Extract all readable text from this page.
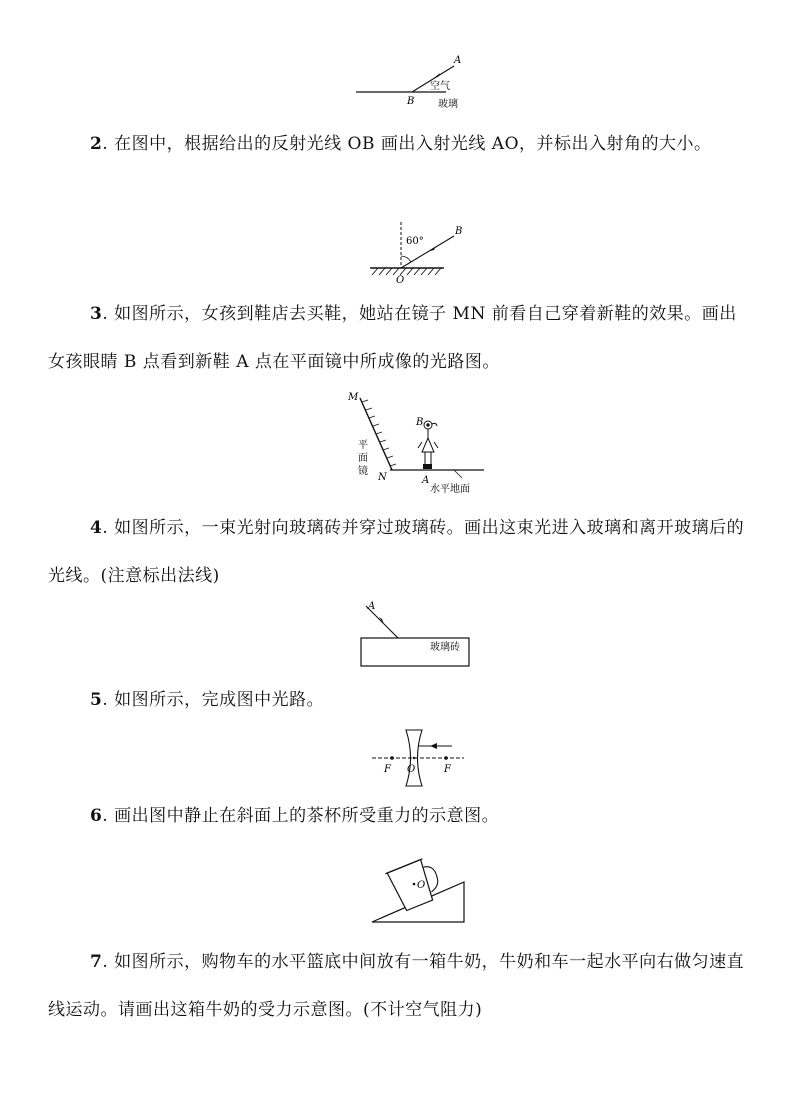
A
B
空气
玻璃

2. 在图中，根据给出的反射光线 OB 画出入射光线 AO，并标出入射角的大小。

60°
B
O

3. 如图所示，女孩到鞋店去买鞋，她站在镜子 MN 前看自己穿着新鞋的效果。画出女孩眼睛 B 点看到新鞋 A 点在平面镜中所成像的光路图。

M
N
B
A
平
面
镜
水平地面

4. 如图所示，一束光射向玻璃砖并穿过玻璃砖。画出这束光进入玻璃和离开玻璃后的光线。(注意标出法线)

A
玻璃砖

5. 如图所示，完成图中光路。

F O	F

6. 画出图中静止在斜面上的茶杯所受重力的示意图。

O

7. 如图所示，购物车的水平篮底中间放有一箱牛奶，牛奶和车一起水平向右做匀速直线运动。请画出这箱牛奶的受力示意图。(不计空气阻力)
